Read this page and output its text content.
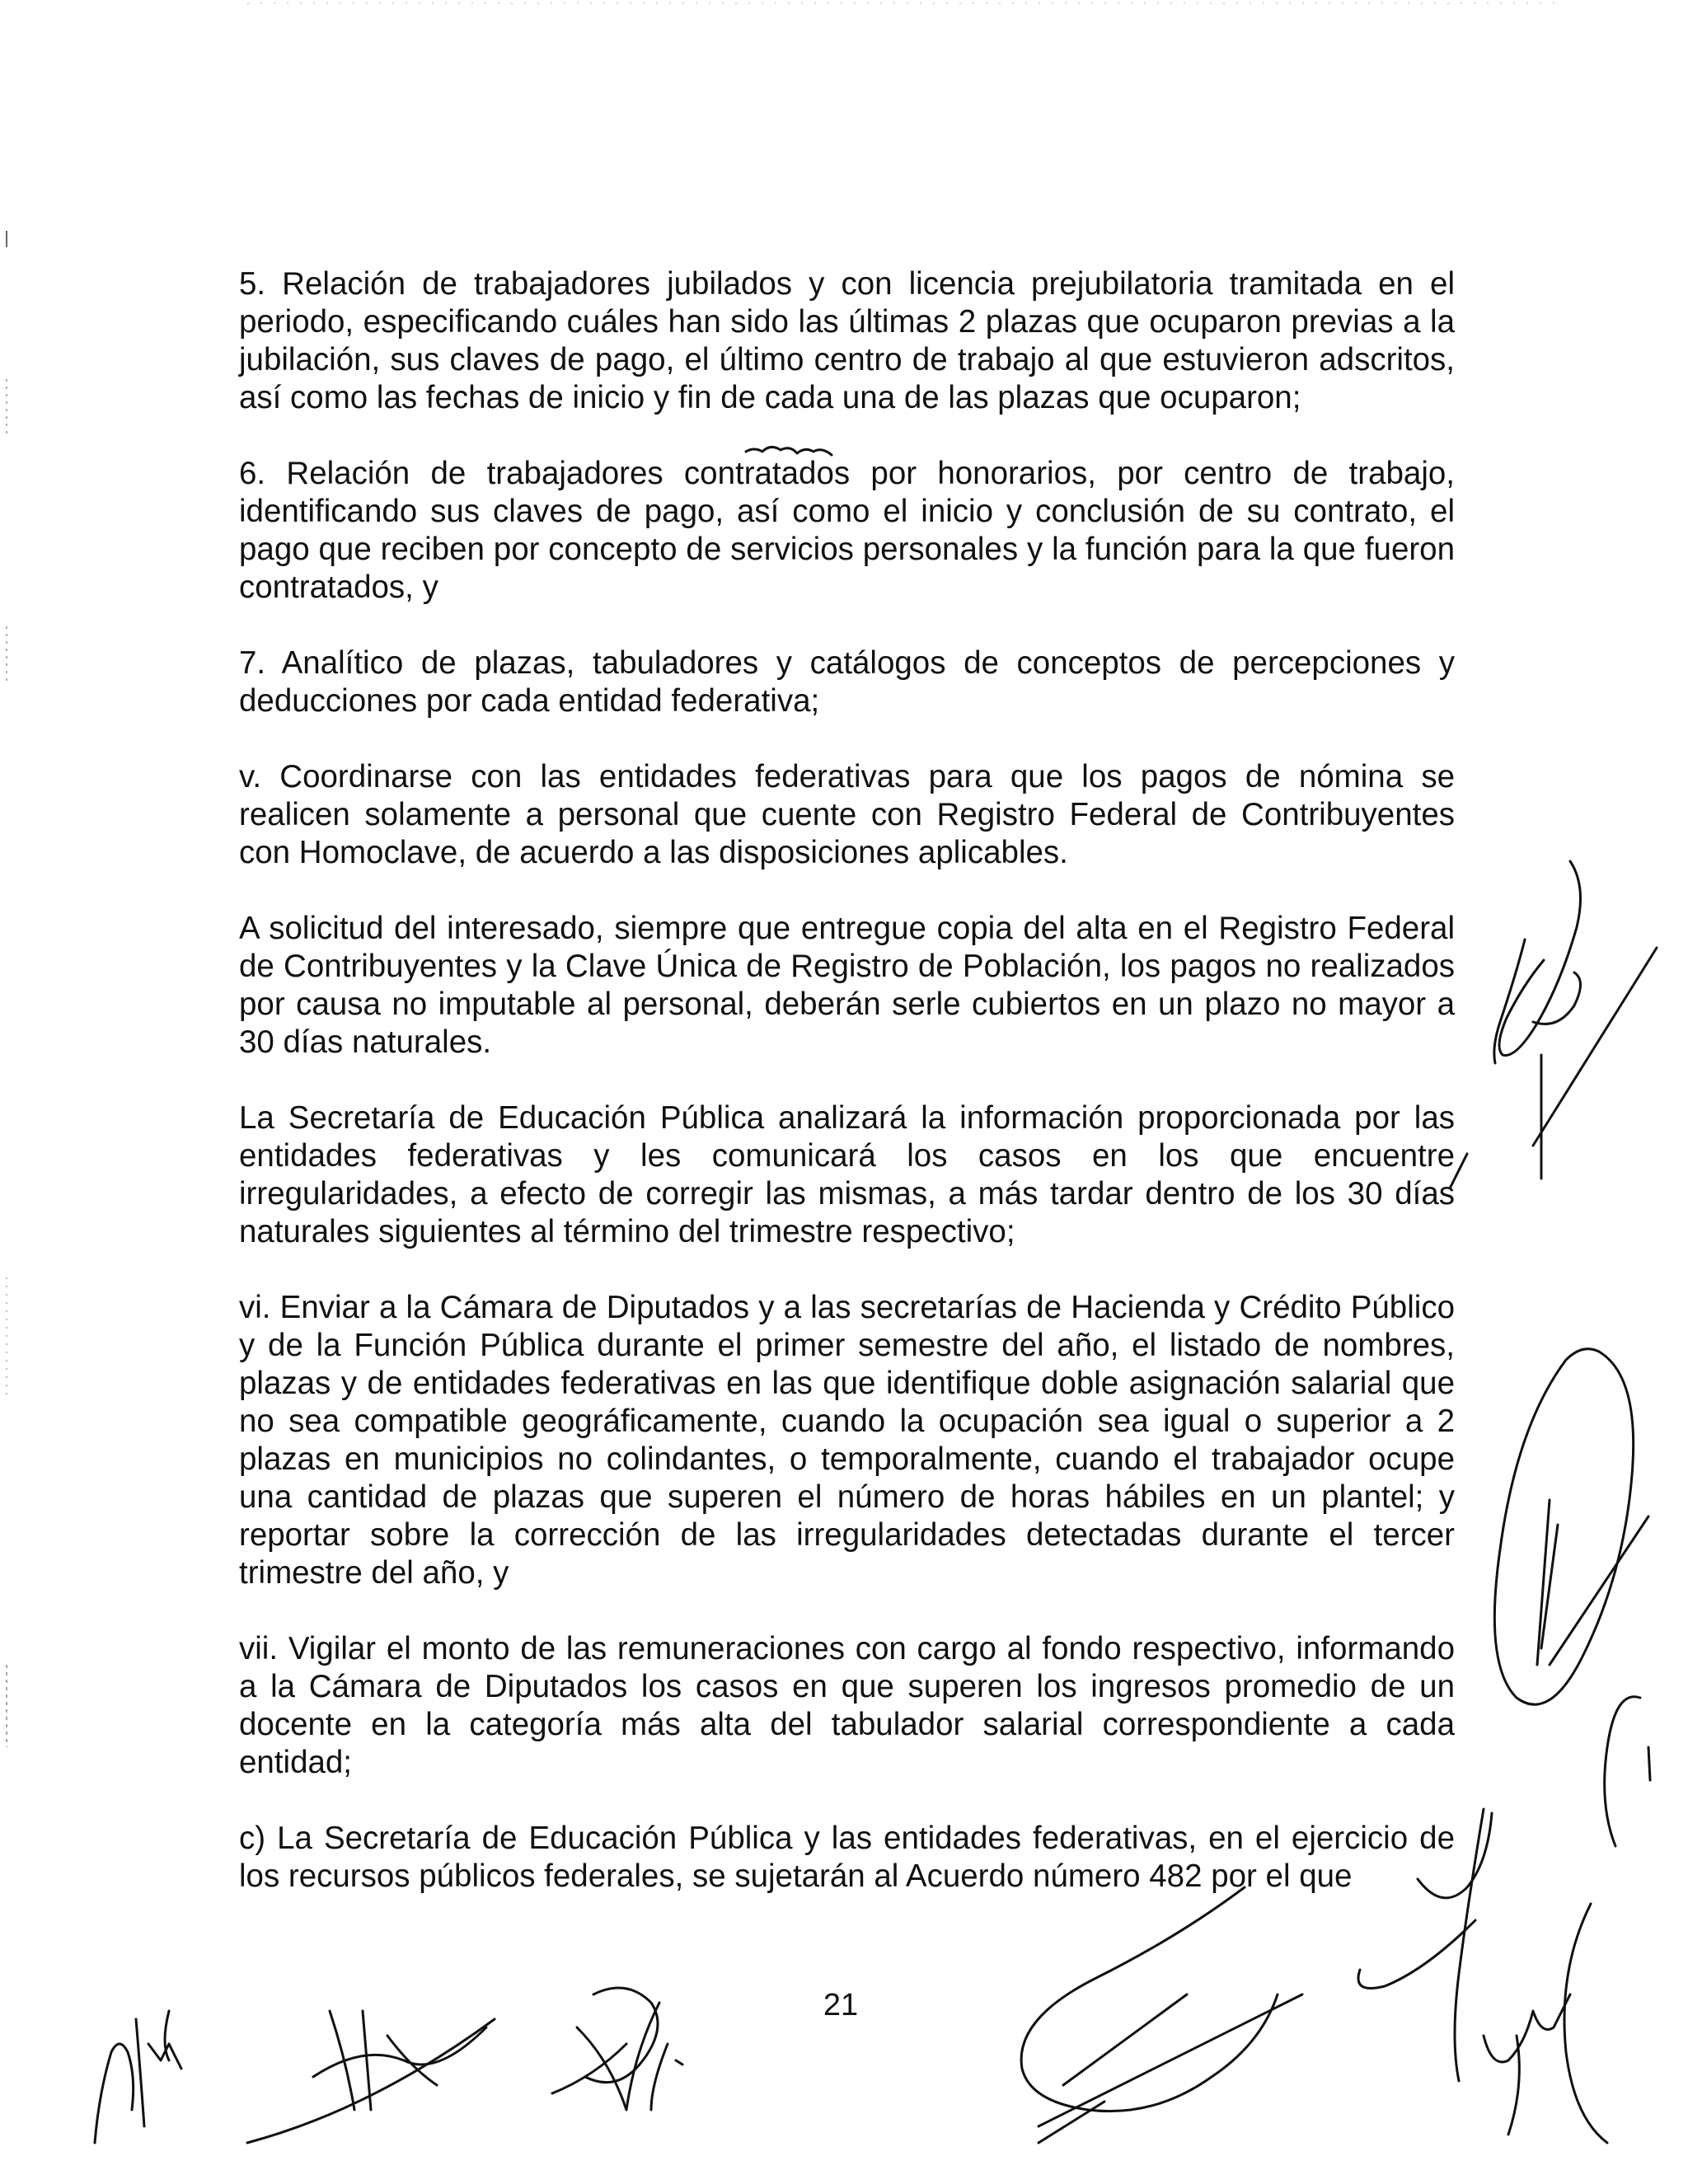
5. Relación de trabajadores jubilados y con licencia prejubilatoria tramitada en el periodo, especificando cuáles han sido las últimas 2 plazas que ocuparon previas a la jubilación, sus claves de pago, el último centro de trabajo al que estuvieron adscritos, así como las fechas de inicio y fin de cada una de las plazas que ocuparon;

6. Relación de trabajadores contratados por honorarios, por centro de trabajo, identificando sus claves de pago, así como el inicio y conclusión de su contrato, el pago que reciben por concepto de servicios personales y la función para la que fueron contratados, y

7. Analítico de plazas, tabuladores y catálogos de conceptos de percepciones y deducciones por cada entidad federativa;

v. Coordinarse con las entidades federativas para que los pagos de nómina se realicen solamente a personal que cuente con Registro Federal de Contribuyentes con Homoclave, de acuerdo a las disposiciones aplicables.

A solicitud del interesado, siempre que entregue copia del alta en el Registro Federal de Contribuyentes y la Clave Única de Registro de Población, los pagos no realizados por causa no imputable al personal, deberán serle cubiertos en un plazo no mayor a 30 días naturales.

La Secretaría de Educación Pública analizará la información proporcionada por las entidades federativas y les comunicará los casos en los que encuentre irregularidades, a efecto de corregir las mismas, a más tardar dentro de los 30 días naturales siguientes al término del trimestre respectivo;

vi. Enviar a la Cámara de Diputados y a las secretarías de Hacienda y Crédito Público y de la Función Pública durante el primer semestre del año, el listado de nombres, plazas y de entidades federativas en las que identifique doble asignación salarial que no sea compatible geográficamente, cuando la ocupación sea igual o superior a 2 plazas en municipios no colindantes, o temporalmente, cuando el trabajador ocupe una cantidad de plazas que superen el número de horas hábiles en un plantel; y reportar sobre la corrección de las irregularidades detectadas durante el tercer trimestre del año, y

vii. Vigilar el monto de las remuneraciones con cargo al fondo respectivo, informando a la Cámara de Diputados los casos en que superen los ingresos promedio de un docente en la categoría más alta del tabulador salarial correspondiente a cada entidad;

c) La Secretaría de Educación Pública y las entidades federativas, en el ejercicio de los recursos públicos federales, se sujetarán al Acuerdo número 482 por el que

21
